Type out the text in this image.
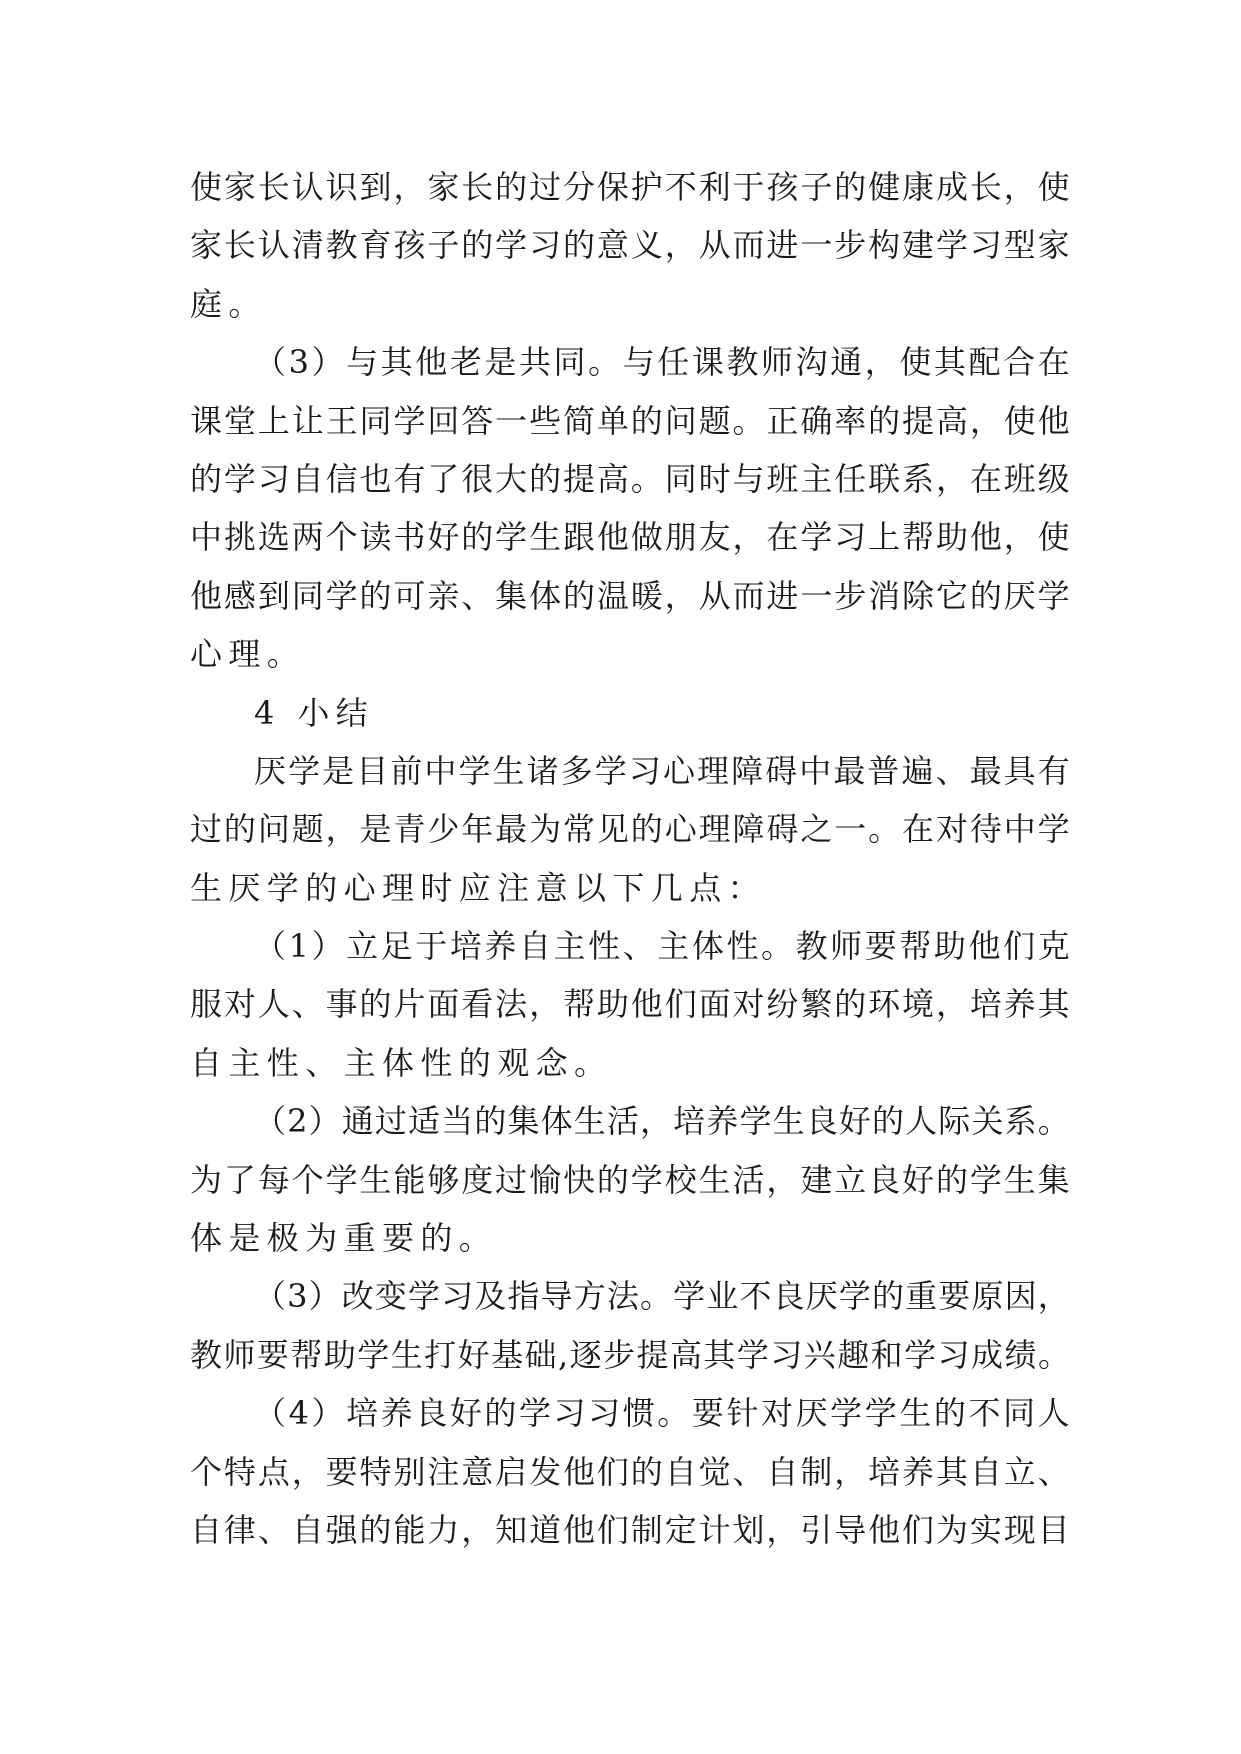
使 家 长 认 识 到 ， 家 长 的 过 分 保 护 不 利 于 孩 子 的 健 康 成 长 ， 使
家 长 认 清 教 育 孩 子 的 学 习 的 意 义 ， 从 而 进 一 步 构 建 学 习 型 家
庭。
（ 3 ） 与 其 他 老 是 共 同 。 与 任 课 教 师 沟 通 ， 使 其 配 合 在
课 堂 上 让 王 同 学 回 答 一 些 简 单 的 问 题 。 正 确 率 的 提 高 ， 使 他
的 学 习 自 信 也 有 了 很 大 的 提 高 。 同 时 与 班 主 任 联 系 ， 在 班 级
中 挑 选 两 个 读 书 好 的 学 生 跟 他 做 朋 友 ， 在 学 习 上 帮 助 他 ， 使
他 感 到 同 学 的 可 亲 、 集 体 的 温 暖 ， 从 而 进 一 步 消 除 它 的 厌 学
心理。
4 小结
厌 学 是 目 前 中 学 生 诸 多 学 习 心 理 障 碍 中 最 普 遍 、 最 具 有
过 的 问 题 ， 是 青 少 年 最 为 常 见 的 心 理 障 碍 之 一 。 在 对 待 中 学
生厌学的心理时应注意以下几点：
（ 1 ） 立 足 于 培 养 自 主 性 、 主 体 性 。 教 师 要 帮 助 他 们 克
服 对 人 、 事 的 片 面 看 法 ， 帮 助 他 们 面 对 纷 繁 的 环 境 ， 培 养 其
自主性、主体性的观念。
（ 2 ） 通 过 适 当 的 集 体 生 活 ， 培 养 学 生 良 好 的 人 际 关 系 。
为 了 每 个 学 生 能 够 度 过 愉 快 的 学 校 生 活 ， 建 立 良 好 的 学 生 集
体是极为重要的。
（ 3 ） 改 变 学 习 及 指 导 方 法 。 学 业 不 良 厌 学 的 重 要 原 因 ，
教 师 要 帮 助 学 生 打 好 基 础 , 逐 步 提 高 其 学 习 兴 趣 和 学 习 成 绩 。
（ 4 ） 培 养 良 好 的 学 习 习 惯 。 要 针 对 厌 学 学 生 的 不 同 人
个 特 点 ， 要 特 别 注 意 启 发 他 们 的 自 觉 、 自 制 ， 培 养 其 自 立 、
自 律 、 自 强 的 能 力 ， 知 道 他 们 制 定 计 划 ， 引 导 他 们 为 实 现 目
